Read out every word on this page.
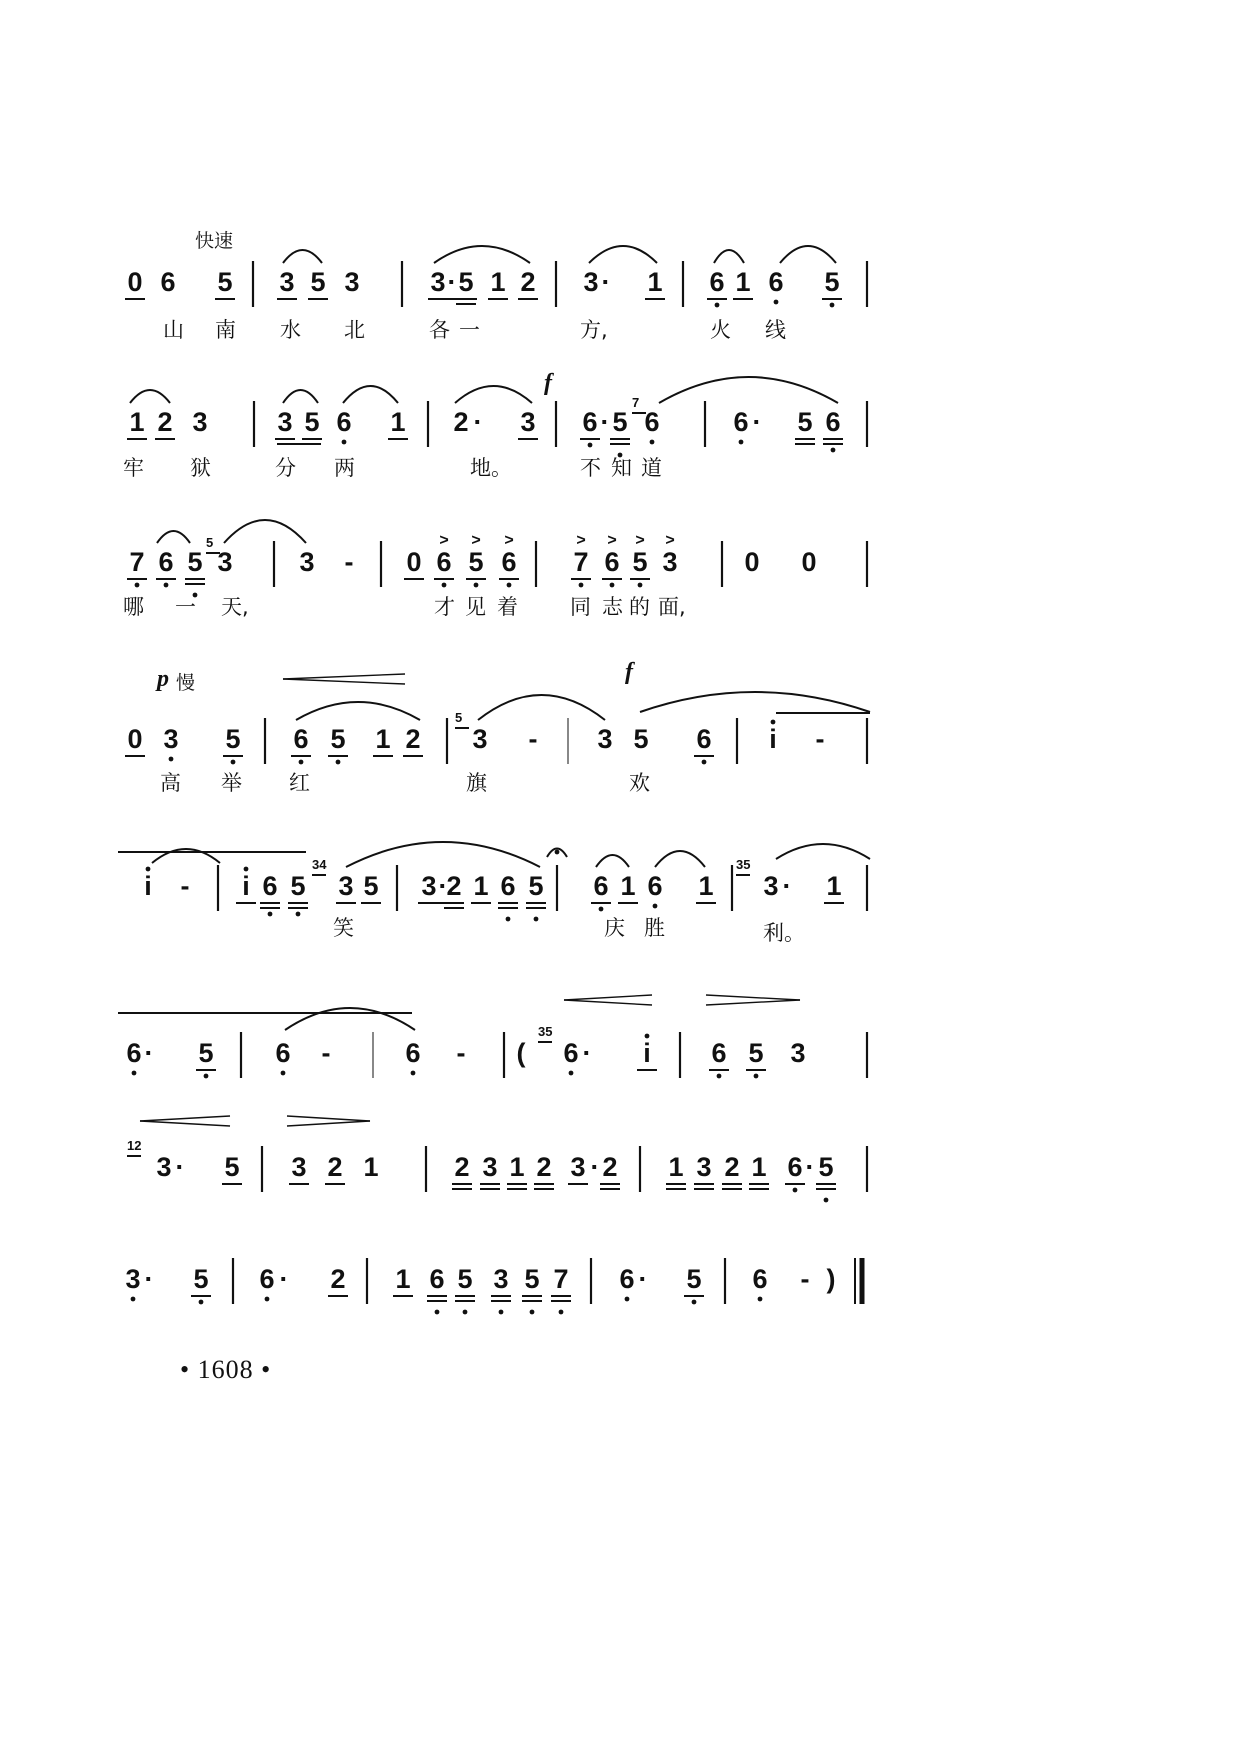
快速
f
p 慢	f
• 1608 •
0 6 5 3 5 3	3 · 5 1 2 3 ·	1 6 1 6 5
1 2 3	3 5 6 1 2 ·	3 6 · 5
7
6	6 ·	5 6
7 6 5
5
3 3	-	0 6
>
5
>
6
>
7
>
6
>
5
>
3
>
0 0
0 3 5 6 5 1 2
5
3	-	3 5 6	i	-
i	-	i 6 5
34
3 5 3 ·
2 1 6 5 6 1 6 1
35
3 ·	1
6 ·	5 6	-	6	-	(
35
6 ·	i	6 5 3
12
3 ·	5 3 2 1	2 3 1 2 3 · 2 1 3 2 1 6 · 5
3 ·	5 6 ·	2 1 6 5 3 5 7 6 ·	5 6	- )
山 南 水 北	各 一	方,	火 线
牢 狱	分 两	地。	不 知 道
哪 一 天,	才 见 着 同 志 的 面,
高 举 红	旗	欢
笑	庆 胜	利。
